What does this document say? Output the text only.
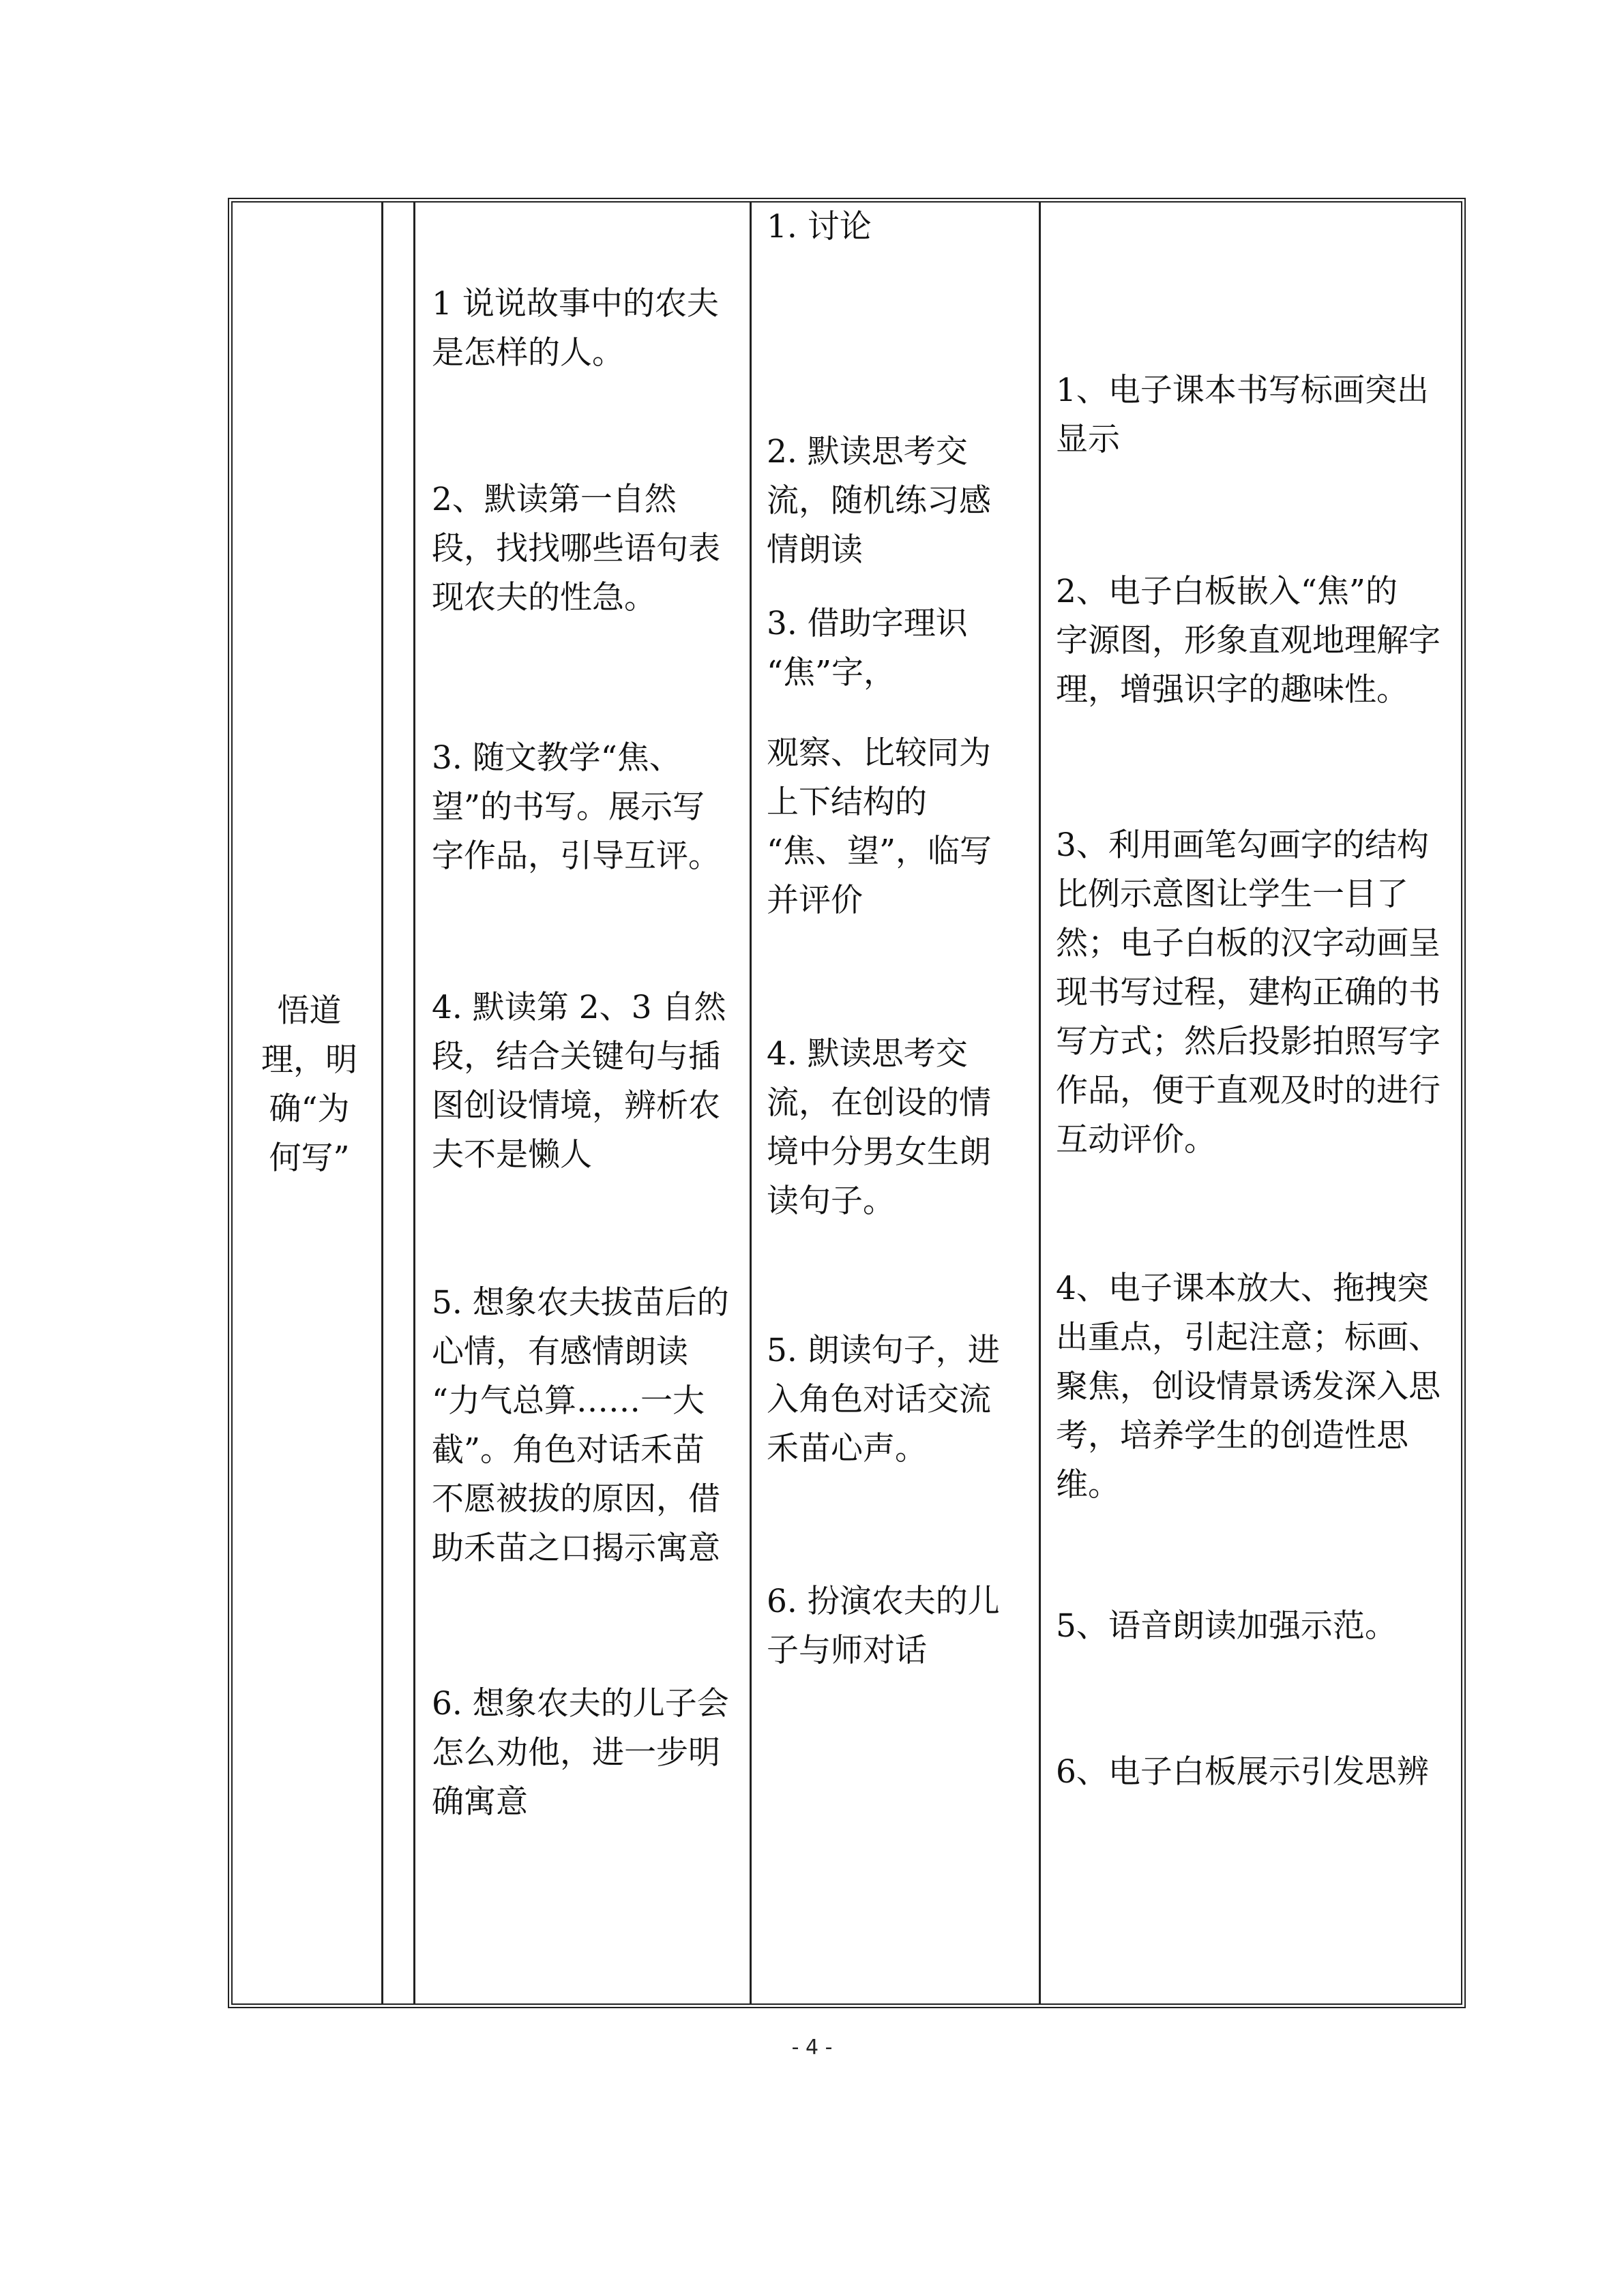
悟道
理，明
确“为
何写”
1 说说故事中的农夫
是怎样的人。
2、默读第一自然
段，找找哪些语句表
现农夫的性急。
3. 随文教学“焦、
望”的书写。展示写
字作品，引导互评。
4. 默读第 2、3 自然
段，结合关键句与插
图创设情境，辨析农
夫不是懒人
5. 想象农夫拔苗后的
心情，有感情朗读
“力气总算……一大
截”。角色对话禾苗
不愿被拔的原因，借
助禾苗之口揭示寓意
6. 想象农夫的儿子会
怎么劝他，进一步明
确寓意
1. 讨论
2. 默读思考交
流，随机练习感
情朗读
3. 借助字理识
“焦”字，
观察、比较同为
上下结构的
“焦、望”，临写
并评价
4. 默读思考交
流，在创设的情
境中分男女生朗
读句子。
5. 朗读句子，进
入角色对话交流
禾苗心声。
6. 扮演农夫的儿
子与师对话
1、电子课本书写标画突出
显示
2、电子白板嵌入“焦”的
字源图，形象直观地理解字
理，增强识字的趣味性。
3、利用画笔勾画字的结构
比例示意图让学生一目了
然；电子白板的汉字动画呈
现书写过程，建构正确的书
写方式；然后投影拍照写字
作品，便于直观及时的进行
互动评价。
4、电子课本放大、拖拽突
出重点，引起注意；标画、
聚焦，创设情景诱发深入思
考，培养学生的创造性思
维。
5、语音朗读加强示范。
6、电子白板展示引发思辨
- 4 -
